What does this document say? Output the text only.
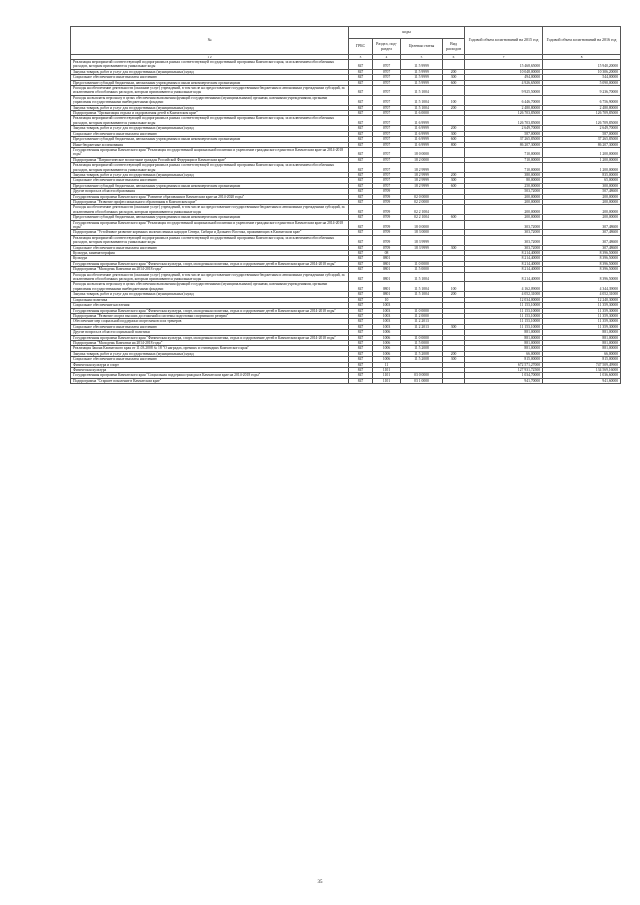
№	коды				Годовой объем ассигнований на 2015 год	Годовой объем ассигнований на 2016 год
	ГРБС	Раздел, под-раздел	Целевая статья	Вид расходов		
1 2	3	4	5	6	7	8
Реализация мероприятий соответствующей подпрограммы в рамках соответствующей государственной программы Камчатского края, за исключением обособленных расходов, которым присваиваются уникальные коды	847	0707	11 5 9999		15 468,65000	15 940,20000
Закупка товаров, работ и услуг для государственных (муниципальных) нужд	847	0707	11 5 9999	200	10 048,00000	10 306,20000
Социальное обеспечение и иные выплаты населению	847	0707	11 5 9999	300	494,00000	544,00000
Предоставление субсидий бюджетным, автономным учреждениям и иным некоммерческим организациям	847	0707	11 5 9999	600	4 926,65000	5 090,00000
Расходы на обеспечение деятельности (оказание услуг) учреждений, в том числе на предоставление государственным бюджетным и автономным учреждениям субсидий, за исключением обособленных расходов, которым присваиваются уникальные коды	847	0707	11 5 1004		9 925,50000	9 236,70000
Расходы на выплаты персоналу в целях обеспечения выполнения функций государственными (муниципальными) органами, казенными учреждениями, органами управления государственными внебюджетными фондами	847	0707	11 5 1004	100	6 446,70000	6 756,90000
Закупка товаров, работ и услуг для государственных (муниципальных) нужд	847	0707	11 5 1004	200	2 480,80000	2 480,80000
Подпрограмма "Организация отдыха и оздоровления детей в Камчатском крае"	847	0707	11 6 0000		126 703,85000	126 709,85000
Реализация мероприятий соответствующей подпрограммы в рамках соответствующей государственной программы Камчатского края, за исключением обособленных расходов, которым присваиваются уникальные коды	847	0707	11 6 9999		126 703,85000	126 709,85000
Закупка товаров, работ и услуг для государственных (муниципальных) нужд	847	0707	11 6 9999	200	2 649,70000	2 649,70000
Социальное обеспечение и иные выплаты населению	847	0707	11 6 9999	300	587,00000	587,00000
Предоставление субсидий бюджетным, автономным учреждениям и иным некоммерческим организациям	847	0707	11 6 9999	600	37 265,85000	37 265,85000
Иные бюджетные ассигнования	847	0707	11 6 9999	800	86 207,30000	86 207,30000
Государственная программа Камчатского края "Реализация государственной национальной политики и укрепление гражданского единства в Камчатском крае на 2014-2018 годы"	847	0707	18 0 0000		710,00000	1 200,00000
Подпрограмма "Патриотическое воспитание граждан Российской Федерации в Камчатском крае"	847	0707	18 2 0000		710,00000	1 200,00000
Реализация мероприятий соответствующей подпрограммы в рамках соответствующей государственной программы Камчатского края, за исключением обособленных расходов, которым присваиваются уникальные коды	847	0707	18 2 9999		710,00000	1 200,00000
Закупка товаров, работ и услуг для государственных (муниципальных) нужд	847	0707	18 2 9999	200	380,00000	835,00000
Социальное обеспечение и иные выплаты населению	847	0707	18 2 9999	300	80,00000	65,00000
Предоставление субсидий бюджетным, автономным учреждениям и иным некоммерческим организациям	847	0707	18 2 9999	600	250,00000	300,00000
Другие вопросы в области образования	847	0709			503,72000	507,48600
Государственная программа Камчатского края "Развитие образования в Камчатском крае на 2014-2020 годы"	847	0709	02 0 0000		200,00000	200,00000
Подпрограмма "Развитие профессионального образования в Камчатском крае"	847	0709	02 2 0000		200,00000	200,00000
Расходы на обеспечение деятельности (оказание услуг) учреждений, в том числе на предоставление государственным бюджетным и автономным учреждениям субсидий, за исключением обособленных расходов, которым присваиваются уникальные коды	847	0709	02 2 1004		200,00000	200,00000
Предоставление субсидий бюджетным, автономным учреждениям и иным некоммерческим организациям	847	0709	02 2 1004	600	200,00000	200,00000
Государственная программа Камчатского края "Реализация государственной национальной политики и укрепление гражданского единства в Камчатском крае на 2014-2018 годы"	847	0709	18 0 0000		303,72000	307,48600
Подпрограмма "Устойчивое развитие коренных малочисленных народов Севера, Сибири и Дальнего Востока, проживающих в Камчатском крае"	847	0709	18 3 0000		303,72000	307,48600
Реализация мероприятий соответствующей подпрограммы в рамках соответствующей государственной программы Камчатского края, за исключением обособленных расходов, которым присваиваются уникальные коды	847	0709	18 3 9999		303,72000	307,48600
Социальное обеспечение и иные выплаты населению	847	0709	18 3 9999	300	303,72000	307,48600
Культура, кинематография	847	08			8 214,40000	8 396,50000
Культура	847	0801			8 214,40000	8 396,50000
Государственная программа Камчатского края "Физическая культура, спорт, молодежная политика, отдых и оздоровление детей в Камчатском крае на 2014-2018 годы"	847	0801	11 0 0000		8 214,40000	8 396,50000
Подпрограмма "Молодежь Камчатки на 2014-2018 годы"	847	0801	11 5 0000		8 214,40000	8 396,50000
Расходы на обеспечение деятельности (оказание услуг) учреждений, в том числе на предоставление государственным бюджетным и автономным учреждениям субсидий, за исключением обособленных расходов, которым присваиваются уникальные коды	847	0801	11 5 1004		8 214,40000	8 396,50000
Расходы на выплаты персоналу в целях обеспечения выполнения функций государственными (муниципальными) органами, казенными учреждениями, органами управления государственными внебюджетными фондами	847	0801	11 5 1004	100	4 162,09000	4 344,39000
Закупка товаров, работ и услуг для государственных (муниципальных) нужд	847	0801	11 5 1004	200	4 052,31000	4 052,31000
Социальная политика	847	10			12 034,00000	12 240,30000
Социальное обеспечение населения	847	1003			11 153,10000	11 359,30000
Государственная программа Камчатского края "Физическая культура, спорт, молодежная политика, отдых и оздоровление детей в Камчатском крае на 2014-2018 годы"	847	1003	11 0 0000		11 153,10000	11 359,30000
Подпрограмма "Развитие спорта высших достижений и системы подготовки спортивного резерва"	847	1003	11 2 0000		11 153,10000	11 359,30000
Обеспечение мер социальной поддержки спортсменов и их тренеров	847	1003	11 2 2013		11 153,10000	11 359,30000
Социальное обеспечение и иные выплаты населению	847	1003	11 2 2013	300	11 153,10000	11 359,30000
Другие вопросы в области социальной политики	847	1006			881,00000	881,00000
Государственная программа Камчатского края "Физическая культура, спорт, молодежная политика, отдых и оздоровление детей в Камчатском крае на 2014-2018 годы"	847	1006	11 0 0000		881,00000	881,00000
Подпрограмма "Молодежь Камчатки на 2014-2018 годы"	847	1006	11 5 0000		881,00000	881,00000
Реализация Закона Камчатского края от 11.03.2008 № 18 "О наградах, премиях и стипендиях Камчатского края"	847	1006	11 5 2008		881,00000	881,00000
Закупка товаров, работ и услуг для государственных (муниципальных) нужд	847	1006	11 5 2008	200	66,00000	66,00000
Социальное обеспечение и иные выплаты населению	847	1006	11 5 2008	300	815,00000	815,00000
Физическая культура и спорт	847	11			672 571,27000	747 509,49900
Физическая культура	847	1101			127 931,72500	134 569,16000
Государственная программа Камчатского края "Социальная поддержка граждан в Камчатском крае на 2014-2018 годы"	847	1101	03 0 0000		1 034,70000	1 036,60000
Подпрограмма "Старшее поколение в Камчатском крае"	847	1101	03 1 0000		941,70000	941,60000
35
